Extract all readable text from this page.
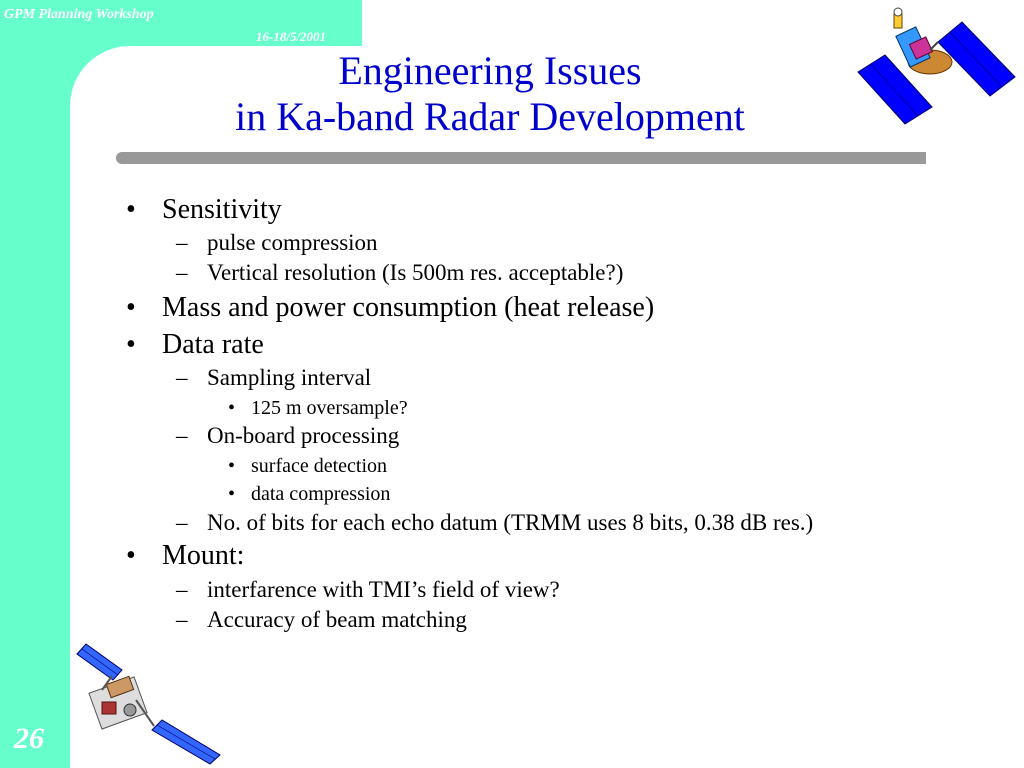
GPM Planning Workshop
16-18/5/2001
Engineering Issues
in Ka-band Radar Development
• Sensitivity
– pulse compression
– Vertical resolution (Is 500m res. acceptable?)
• Mass and power consumption (heat release)
• Data rate
– Sampling interval
• 125 m oversample?
– On-board processing
• surface detection
• data compression
– No. of bits for each echo datum (TRMM uses 8 bits, 0.38 dB res.)
• Mount:
– interfarence with TMI’s field of view?
– Accuracy of beam matching
26
